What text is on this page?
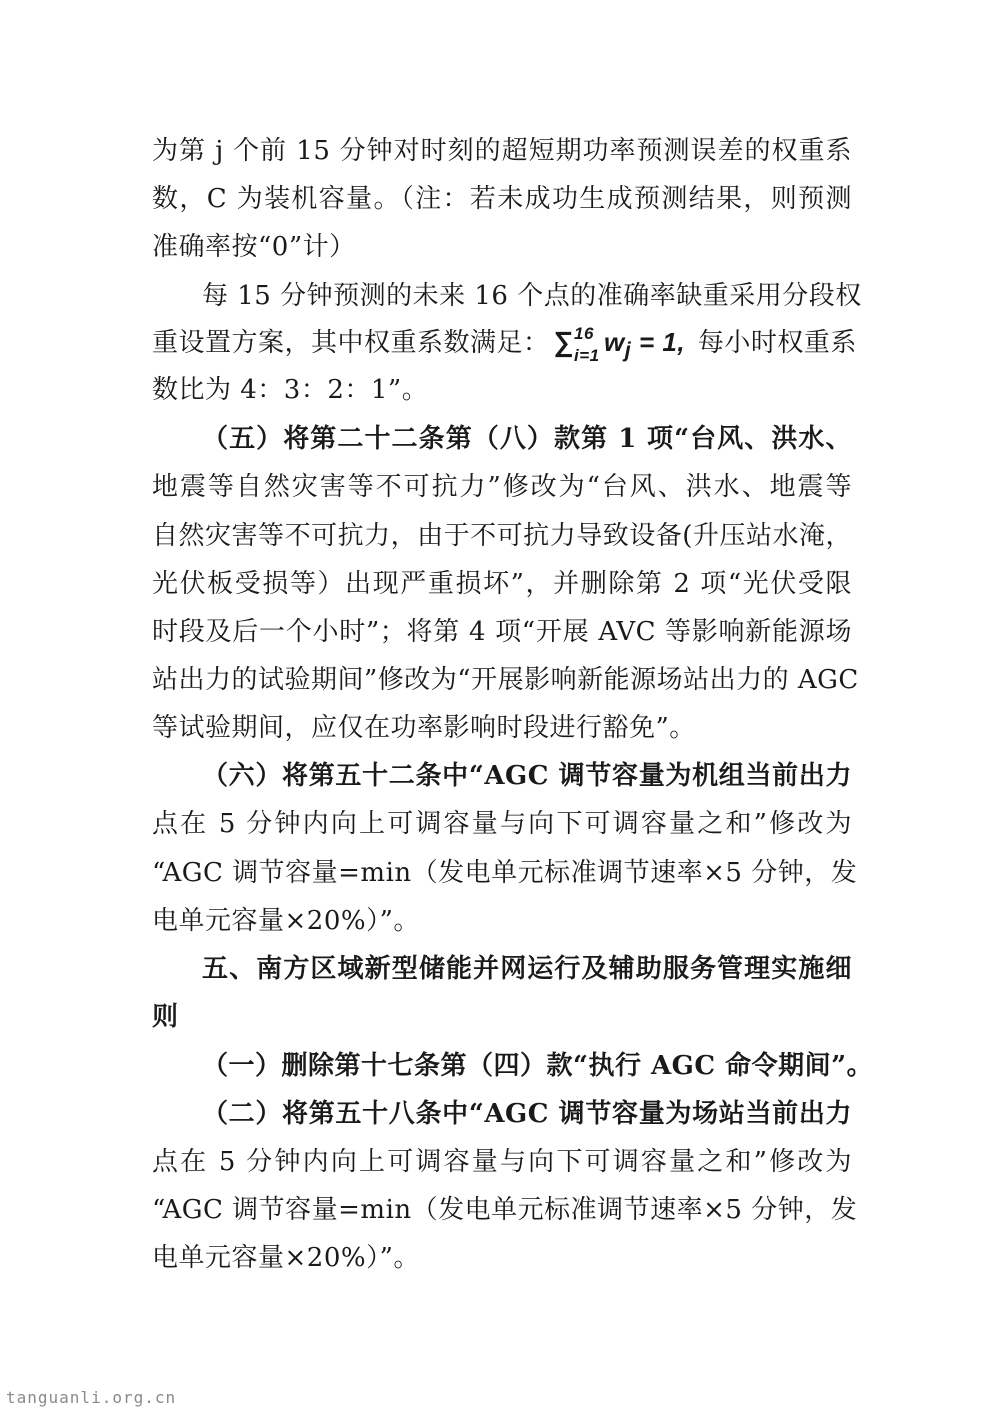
为第 j 个前 15 分钟对时刻的超短期功率预测误差的权重系
数，C 为装机容量。（注：若未成功生成预测结果，则预测
准确率按“0”计）
每 15 分钟预测的未来 16 个点的准确率缺重采用分段权
重设置方案，其中权重系数满足： ∑ 16
i=1 $w_j = 1$, 每小时权重系
数比为 4：3：2：1”。
（五）将第二十二条第（八）款第 1 项“台风、洪水、
地震等自然灾害等不可抗力”修改为“台风、洪水、地震等
自然灾害等不可抗力，由于不可抗力导致设备(升压站水淹，
光伏板受损等）出现严重损坏”，并删除第 2 项“光伏受限
时段及后一个小时”；将第 4 项“开展 AVC 等影响新能源场
站出力的试验期间”修改为“开展影响新能源场站出力的 AGC
等试验期间，应仅在功率影响时段进行豁免”。
（六）将第五十二条中“AGC 调节容量为机组当前出力
点在 5 分钟内向上可调容量与向下可调容量之和”修改为
“AGC 调节容量=min（发电单元标准调节速率×5 分钟，发
电单元容量×20%）”。
五、南方区域新型储能并网运行及辅助服务管理实施细
则
（一）删除第十七条第（四）款“执行 AGC 命令期间”。
（二）将第五十八条中“AGC 调节容量为场站当前出力
点在 5 分钟内向上可调容量与向下可调容量之和”修改为
“AGC 调节容量=min（发电单元标准调节速率×5 分钟，发
电单元容量×20%）”。
tanguanli.org.cn
